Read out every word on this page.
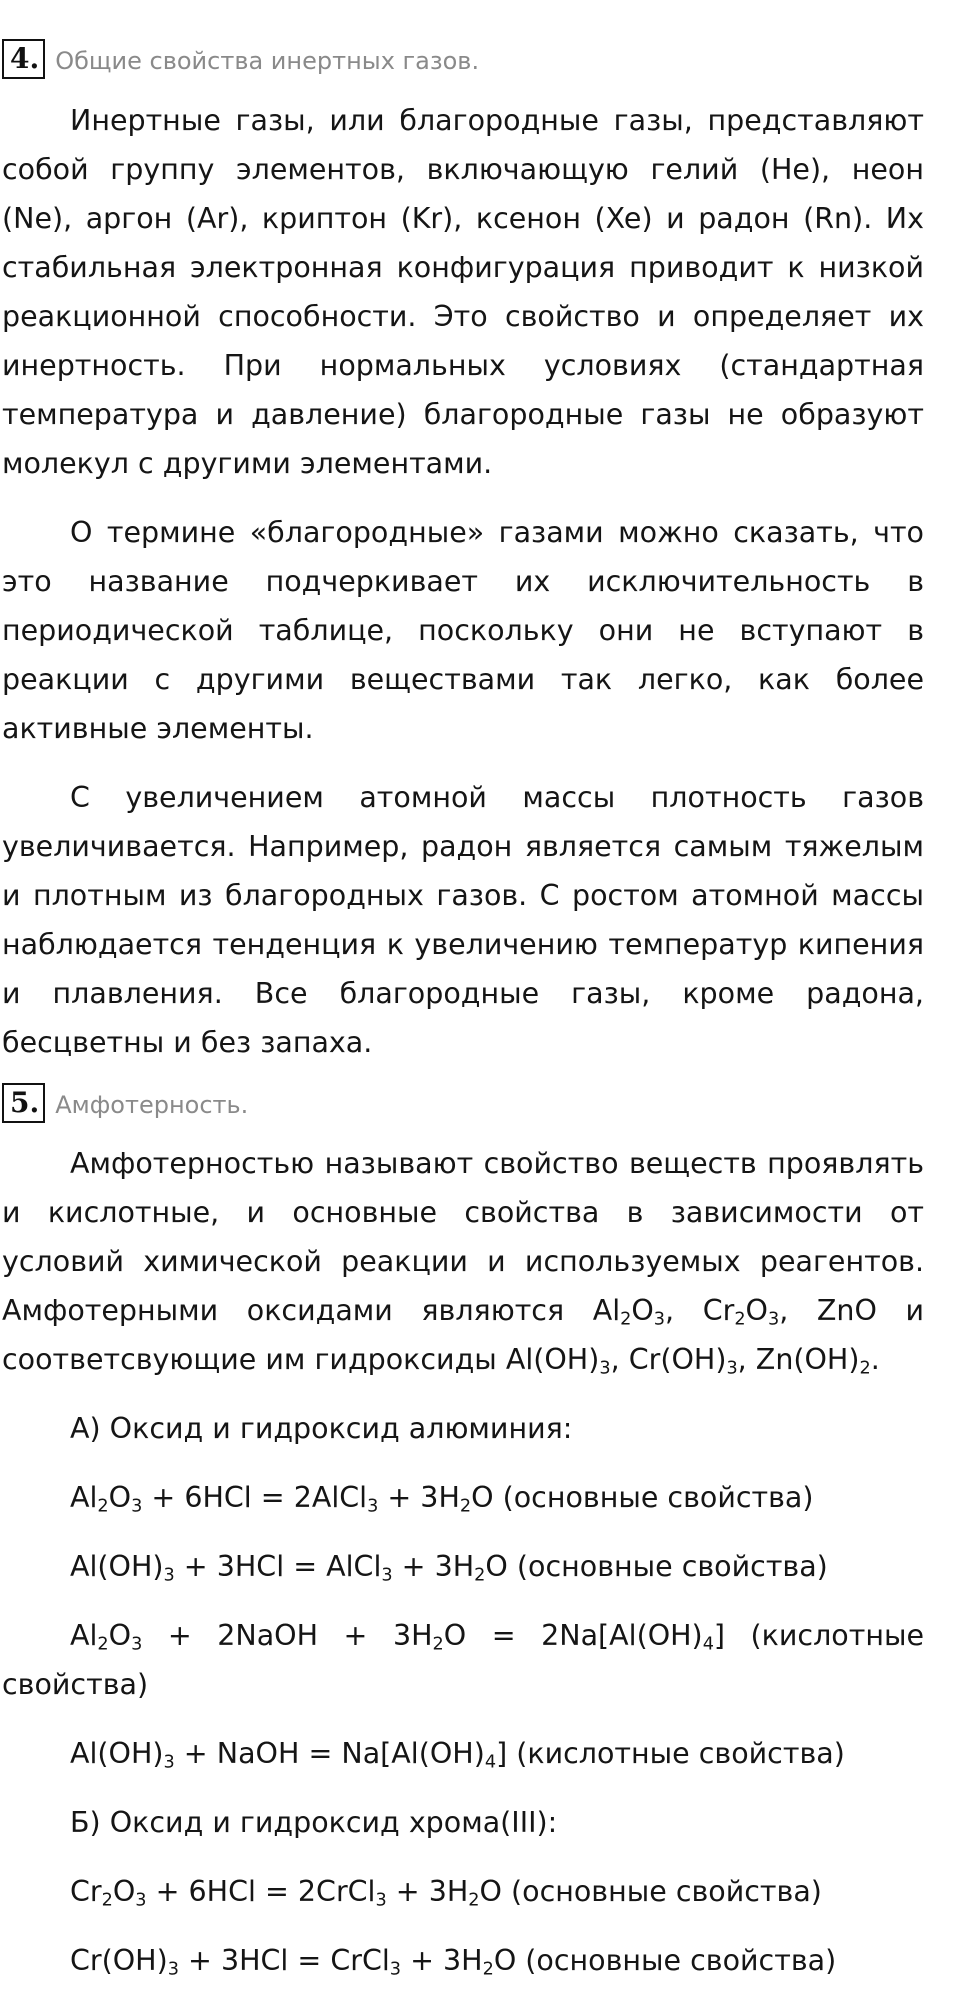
4. Общие свойства инертных газов.

Инертные газы, или благородные газы, представляют собой группу элементов, включающую гелий (He), неон (Ne), аргон (Ar), криптон (Kr), ксенон (Xe) и радон (Rn). Их стабильная электронная конфигурация приводит к низкой реакционной способности. Это свойство и определяет их инертность. При нормальных условиях (стандартная температура и давление) благородные газы не образуют молекул с другими элементами.

О термине «благородные» газами можно сказать, что это название подчеркивает их исключительность в периодической таблице, поскольку они не вступают в реакции с другими веществами так легко, как более активные элементы.

С увеличением атомной массы плотность газов увеличивается. Например, радон является самым тяжелым и плотным из благородных газов. С ростом атомной массы наблюдается тенденция к увеличению температур кипения и плавления. Все благородные газы, кроме радона, бесцветны и без запаха.

5. Амфотерность.

Амфотерностью называют свойство веществ проявлять и кислотные, и основные свойства в зависимости от условий химической реакции и используемых реагентов. Амфотерными оксидами являются $Al_2O_3$, $Cr_2O_3$, ZnO и соответсвующие им гидроксиды $Al(OH)_3$, $Cr(OH)_3$, $Zn(OH)_2$.

А) Оксид и гидроксид алюминия:
$Al_2O_3 + 6HCl$ = 2AlCl$_3$ + $3H_2O$ (основные свойства)
$Al(OH)_3 + 3HCl$ = AlCl$_3$ + $3H_2O$ (основные свойства)
$Al_2O_3$ + 2NaOH + $3H_2O = 2Na[Al(OH)_4]$ (кислотные свойства)
$Al(OH)_3$ + NaOH = $Na[Al(OH)_4]$ (кислотные свойства)
Б) Оксид и гидроксид хрома(III):
$Cr_2O_3 + 6HCl$ = 2CrCl$_3$ + $3H_2O$ (основные свойства)
$Cr(OH)_3 + 3HCl$ = CrCl$_3$ + $3H_2O$ (основные свойства)
